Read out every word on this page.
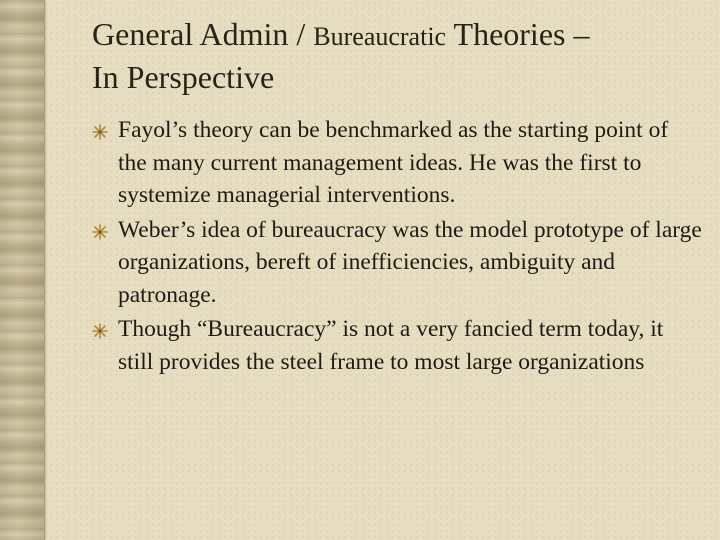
General Admin / Bureaucratic Theories –
In Perspective
Fayol’s theory can be benchmarked as the starting point of the many current management ideas. He was the first to systemize managerial interventions.
Weber’s idea of bureaucracy was the model prototype of large organizations, bereft of inefficiencies, ambiguity and patronage.
Though “Bureaucracy” is not a very fancied term today, it still provides the steel frame to most large organizations
